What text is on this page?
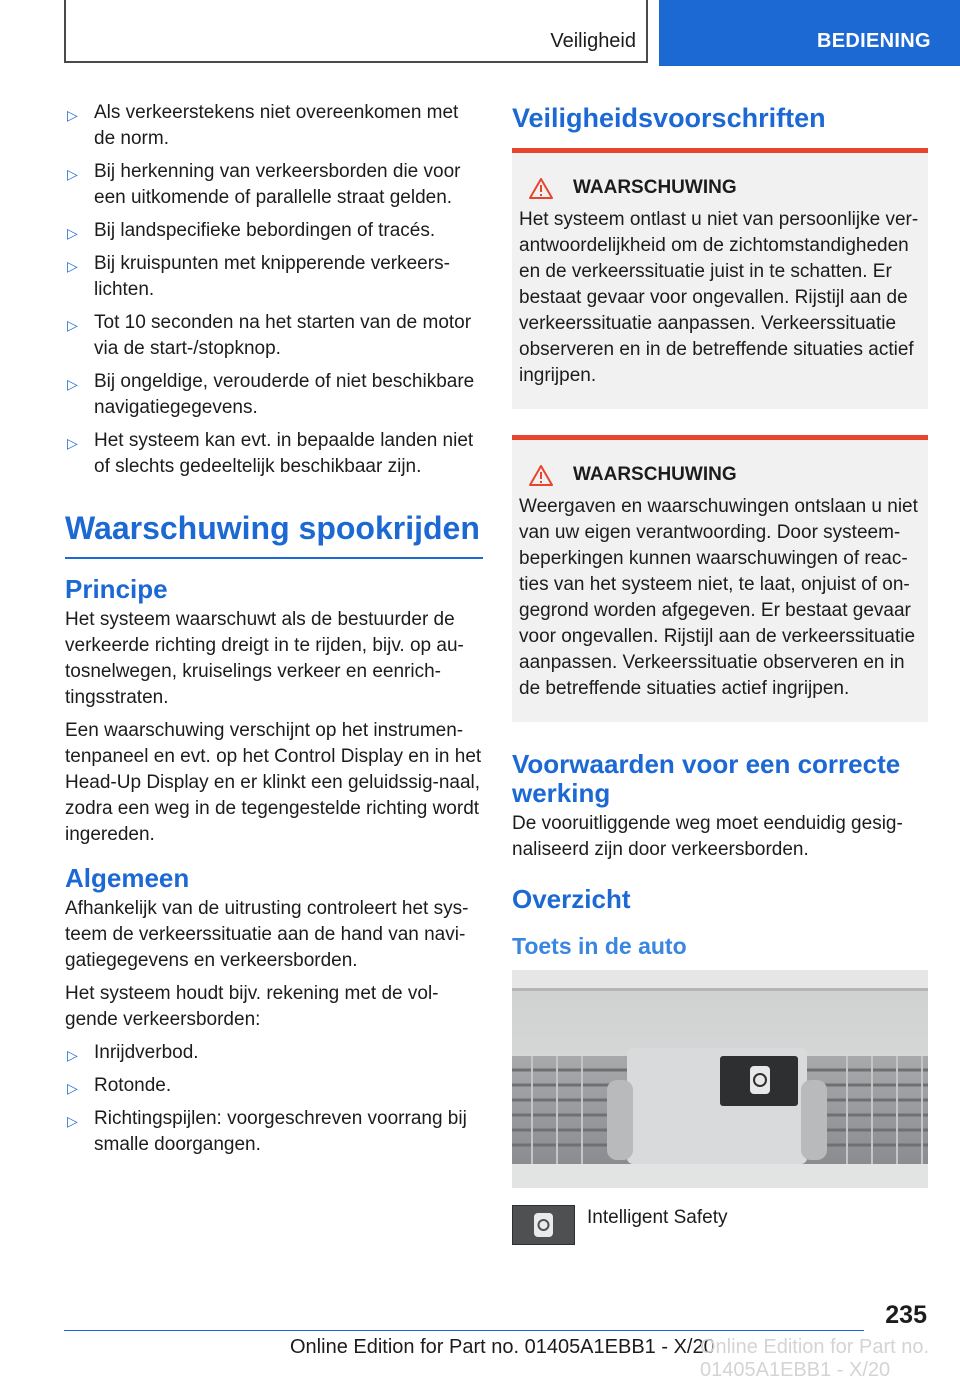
Veiligheid	BEDIENING
▷ Als verkeerstekens niet overeenkomen met de norm.
▷ Bij herkenning van verkeersborden die voor een uitkomende of parallelle straat gelden.
▷ Bij landspecifieke bebordingen of tracés.
▷ Bij kruispunten met knipperende verkeers-lichten.
▷ Tot 10 seconden na het starten van de motor via de start-/stopknop.
▷ Bij ongeldige, verouderde of niet beschikbare navigatiegegevens.
▷ Het systeem kan evt. in bepaalde landen niet of slechts gedeeltelijk beschikbaar zijn.
Waarschuwing spookrijden
Principe

Het systeem waarschuwt als de bestuurder de verkeerde richting dreigt in te rijden, bijv. op au-tosnelwegen, kruiselings verkeer en eenrich-tingsstraten.

Een waarschuwing verschijnt op het instrumen-tenpaneel en evt. op het Control Display en in het Head-Up Display en er klinkt een geluidssig-naal, zodra een weg in de tegengestelde richting wordt ingereden.

Algemeen

Afhankelijk van de uitrusting controleert het sys-teem de verkeerssituatie aan de hand van navi-gatiegegevens en verkeersborden.

Het systeem houdt bijv. rekening met de vol-gende verkeersborden:

▷ Inrijdverbod.
▷ Rotonde.
▷ Richtingspijlen: voorgeschreven voorrang bij smalle doorgangen.
Veiligheidsvoorschriften
WAARSCHUWING
Het systeem ontlast u niet van persoonlijke ver-antwoordelijkheid om de zichtomstandigheden en de verkeerssituatie juist in te schatten. Er bestaat gevaar voor ongevallen. Rijstijl aan de verkeerssituatie aanpassen. Verkeerssituatie observeren en in de betreffende situaties actief ingrijpen.
WAARSCHUWING
Weergaven en waarschuwingen ontslaan u niet van uw eigen verantwoording. Door systeem-beperkingen kunnen waarschuwingen of reac-ties van het systeem niet, te laat, onjuist of on-gegrond worden afgegeven. Er bestaat gevaar voor ongevallen. Rijstijl aan de verkeerssituatie aanpassen. Verkeerssituatie observeren en in de betreffende situaties actief ingrijpen.
Voorwaarden voor een correcte werking

De vooruitliggende weg moet eenduidig gesig-naliseerd zijn door verkeersborden.

Overzicht
Toets in de auto
Intelligent Safety
235
Online Edition for Part no. 01405A1EBB1 - X/20
Online Edition for Part no. 01405A1EBB1 - X/20
